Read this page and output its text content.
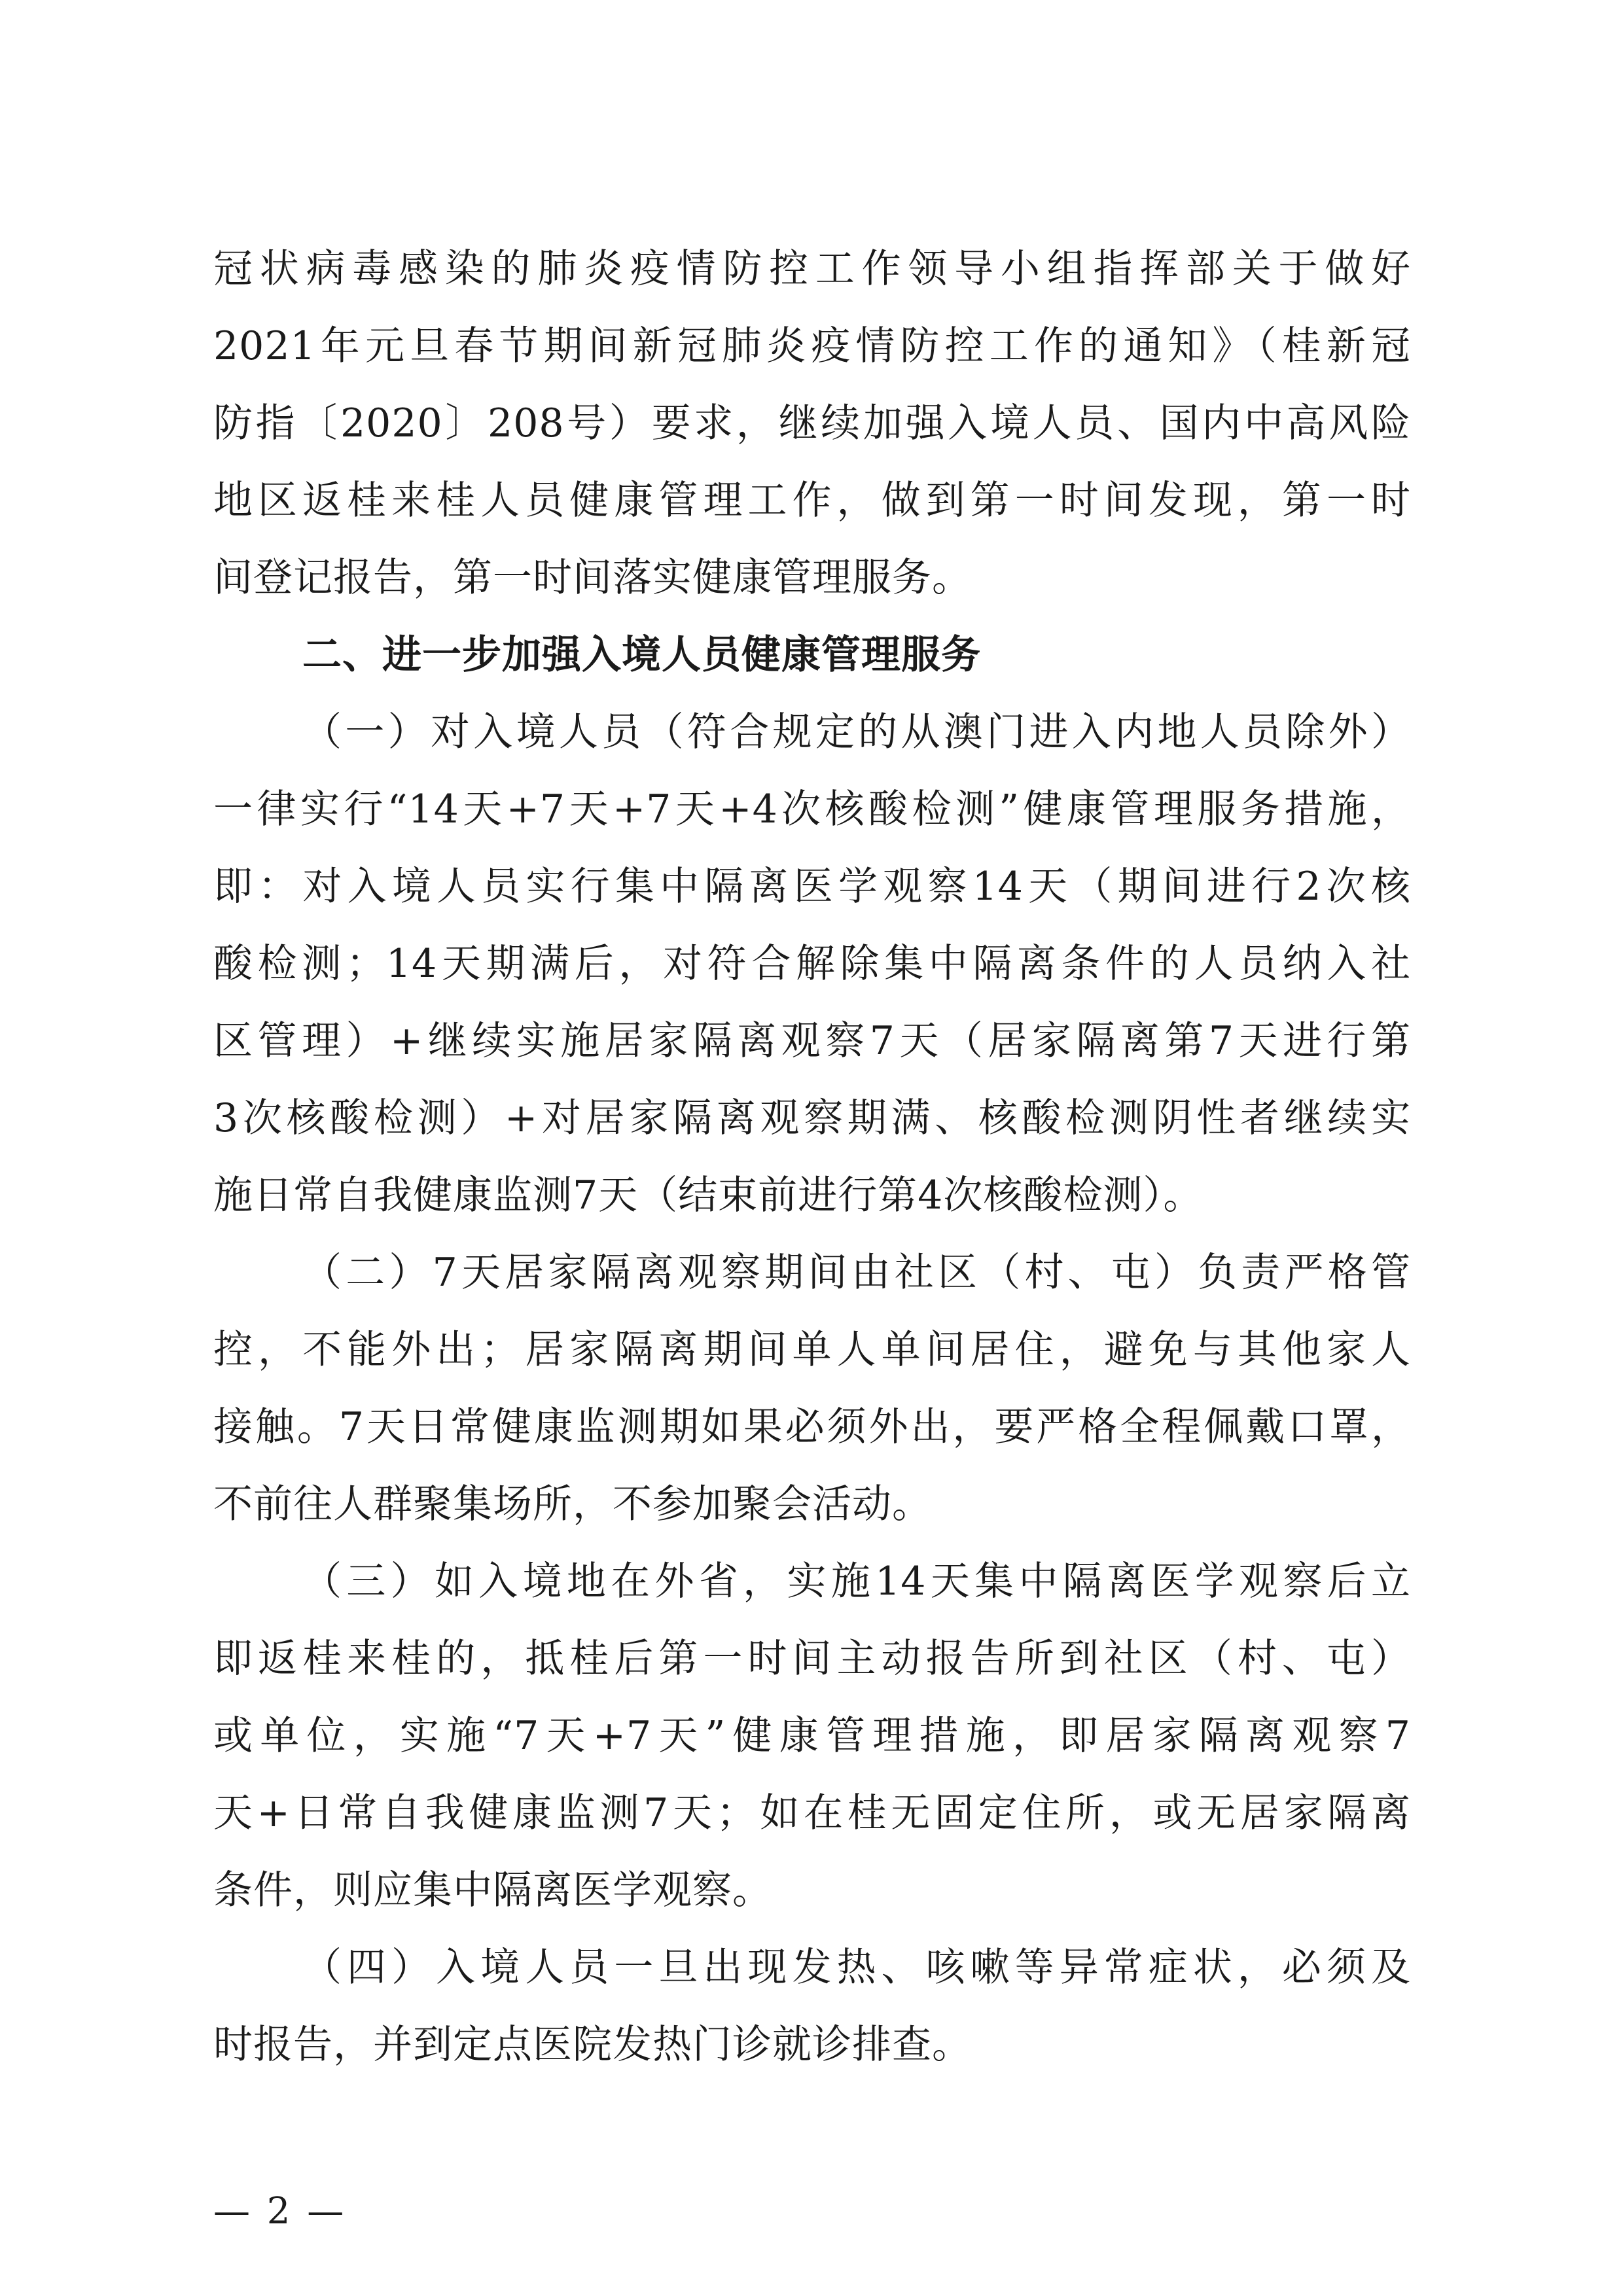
冠状病毒感染的肺炎疫情防控工作领导小组指挥部关于做好
2021年元旦春节期间新冠肺炎疫情防控工作的通知》（桂新冠
防指〔2020〕208号）要求，继续加强入境人员、国内中高风险
地区返桂来桂人员健康管理工作，做到第一时间发现，第一时
间登记报告，第一时间落实健康管理服务。
二、进一步加强入境人员健康管理服务
（一）对入境人员（符合规定的从澳门进入内地人员除外）
一律实行“14天+7天+7天+4次核酸检测”健康管理服务措施，
即：对入境人员实行集中隔离医学观察14天（期间进行2次核
酸检测；14天期满后，对符合解除集中隔离条件的人员纳入社
区管理）+继续实施居家隔离观察7天（居家隔离第7天进行第
3次核酸检测）+对居家隔离观察期满、核酸检测阴性者继续实
施日常自我健康监测7天（结束前进行第4次核酸检测）。
（二）7天居家隔离观察期间由社区（村、屯）负责严格管
控，不能外出；居家隔离期间单人单间居住，避免与其他家人
接触。7天日常健康监测期如果必须外出，要严格全程佩戴口罩，
不前往人群聚集场所，不参加聚会活动。
（三）如入境地在外省，实施14天集中隔离医学观察后立
即返桂来桂的，抵桂后第一时间主动报告所到社区（村、屯）
或单位，实施“7天+7天”健康管理措施，即居家隔离观察7
天+日常自我健康监测7天；如在桂无固定住所，或无居家隔离
条件，则应集中隔离医学观察。
（四）入境人员一旦出现发热、咳嗽等异常症状，必须及
时报告，并到定点医院发热门诊就诊排查。
— 2 —
